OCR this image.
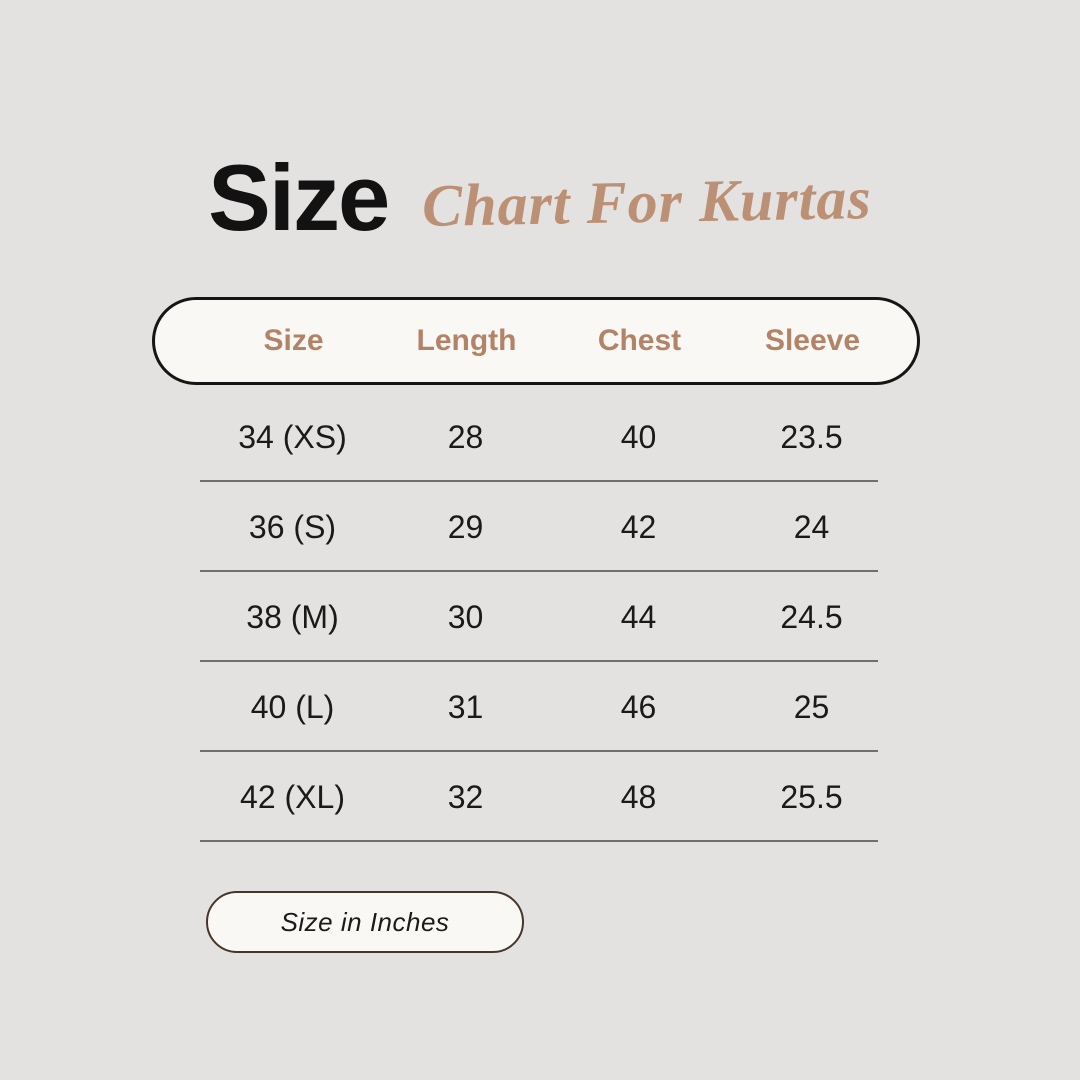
Size Chart For Kurtas
Size	Length	Chest	Sleeve
34 (XS)	28	40	23.5
36 (S)	29	42	24
38 (M)	30	44	24.5
40 (L)	31	46	25
42 (XL)	32	48	25.5
Size in Inches
